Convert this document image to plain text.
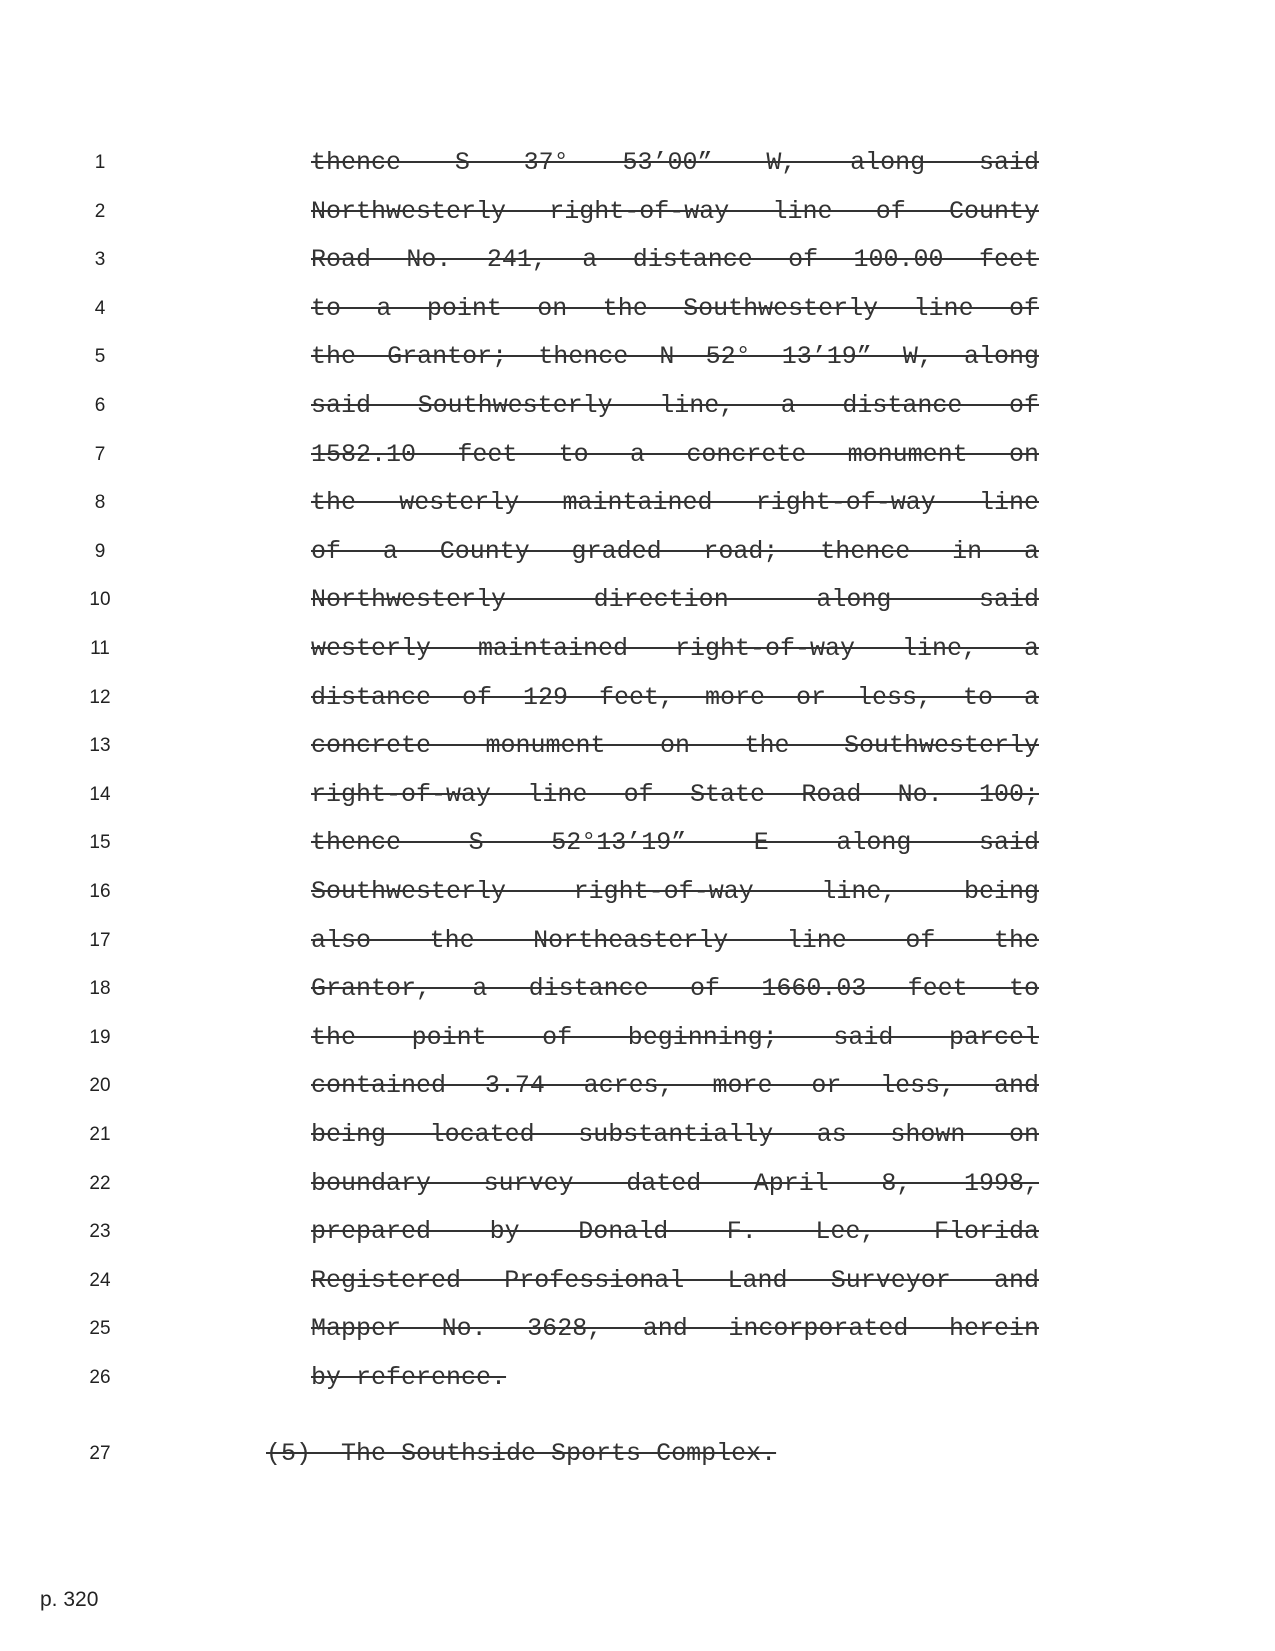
1	thence S 37° 53’00” W, along said
2	Northwesterly right-of-way line of County
3	Road No. 241, a distance of 100.00 feet
4	to a point on the Southwesterly line of
5	the Grantor; thence N 52° 13’19” W, along
6	said Southwesterly line, a distance of
7	1582.10 feet to a concrete monument on
8	the westerly maintained right-of-way line
9	of a County graded road; thence in a
10	Northwesterly direction along said
11	westerly maintained right-of-way line, a
12	distance of 129 feet, more or less, to a
13	concrete monument on the Southwesterly
14	right-of-way line of State Road No. 100;
15	thence S 52°13’19” E along said
16	Southwesterly right-of-way line, being
17	also the Northeasterly line of the
18	Grantor, a distance of 1660.03 feet to
19	the point of beginning; said parcel
20	contained 3.74 acres, more or less, and
21	being located substantially as shown on
22	boundary survey dated April 8, 1998,
23	prepared by Donald F. Lee, Florida
24	Registered Professional Land Surveyor and
25	Mapper No. 3628, and incorporated herein
26	by reference.
27	(5)  The Southside Sports Complex.
p. 320
